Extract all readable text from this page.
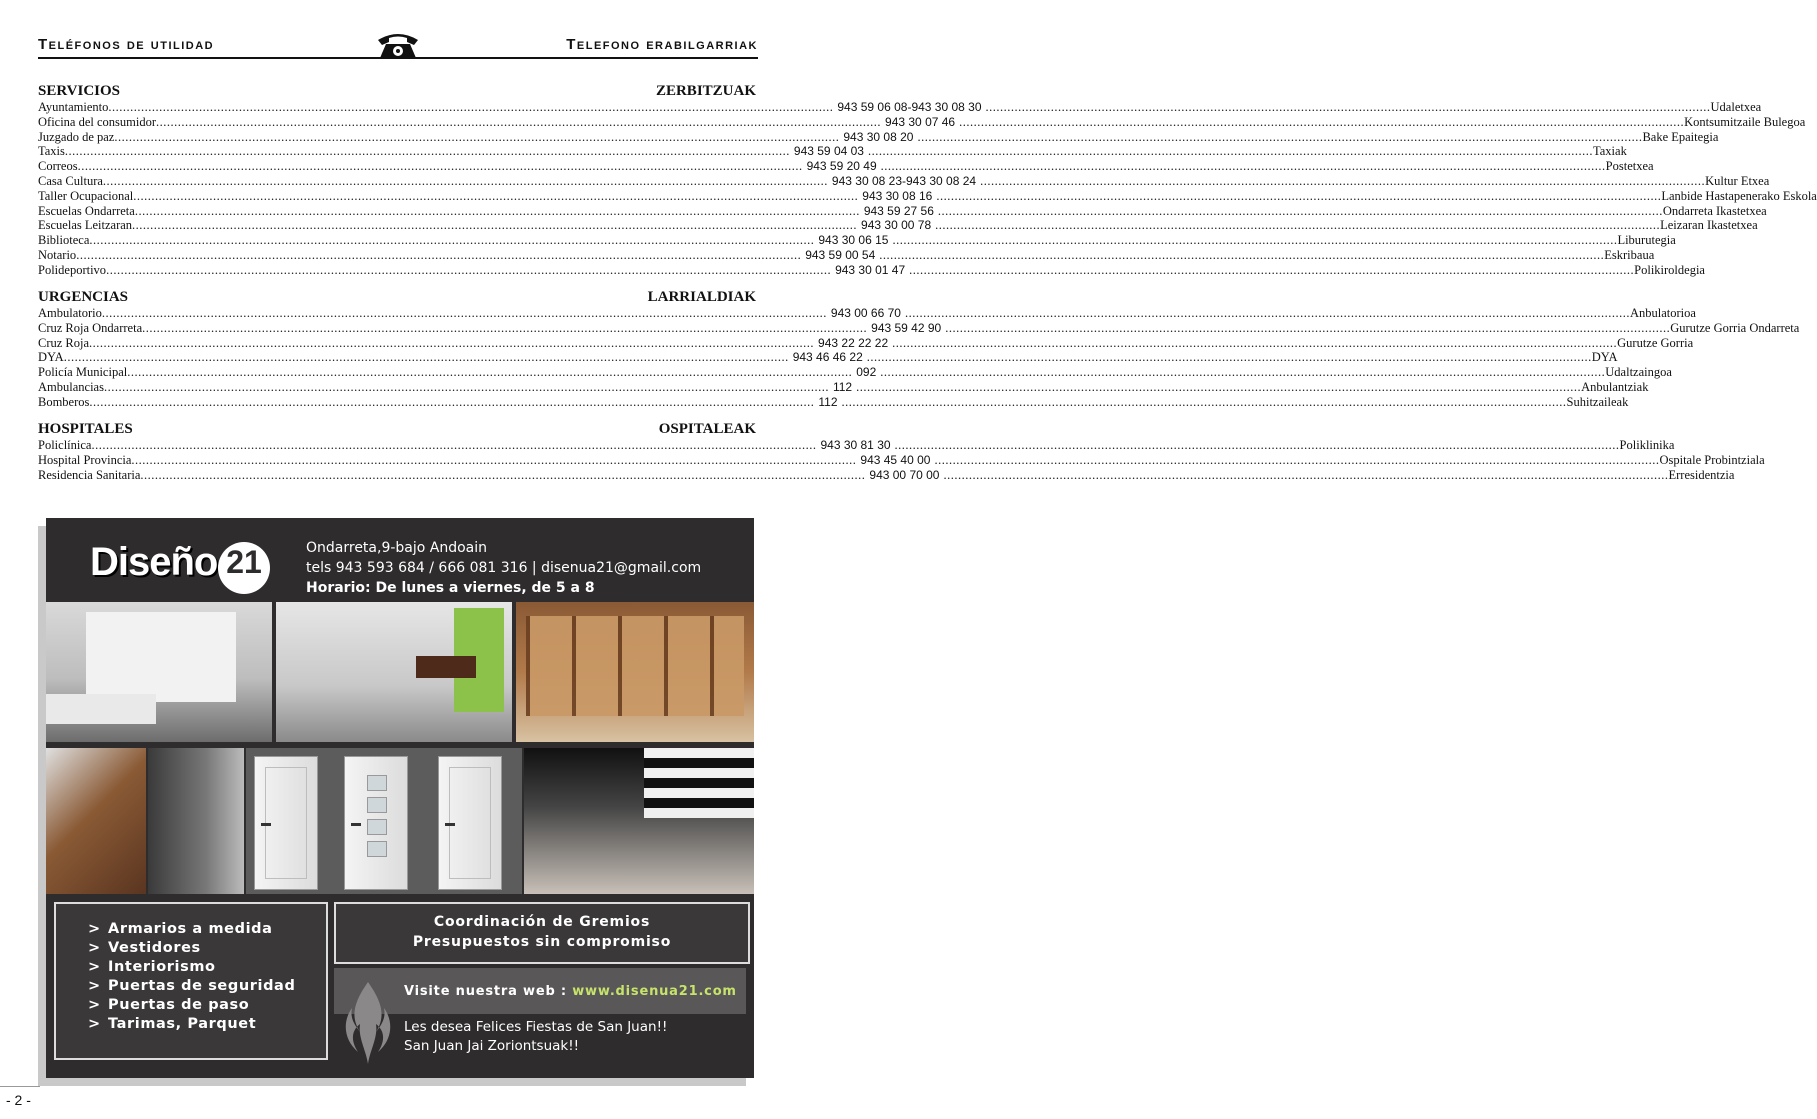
Teléfonos de utilidad	Telefono erabilgarriak
SERVICIOS	ZERBITZUAK
Ayuntamiento ........................................................................................................................................................................................................ 943 59 06 08-943 30 08 30 ........................................................................................................................................................................................................ Udaletxea
Oficina del consumidor ........................................................................................................................................................................................................ 943 30 07 46 ........................................................................................................................................................................................................ Kontsumitzaile Bulegoa
Juzgado de paz ........................................................................................................................................................................................................ 943 30 08 20 ........................................................................................................................................................................................................ Bake Epaitegia
Taxis ........................................................................................................................................................................................................ 943 59 04 03 ........................................................................................................................................................................................................ Taxiak
Correos ........................................................................................................................................................................................................ 943 59 20 49 ........................................................................................................................................................................................................ Postetxea
Casa Cultura ........................................................................................................................................................................................................ 943 30 08 23-943 30 08 24 ........................................................................................................................................................................................................ Kultur Etxea
Taller Ocupacional ........................................................................................................................................................................................................ 943 30 08 16 ........................................................................................................................................................................................................ Lanbide Hastapenerako Eskola
Escuelas Ondarreta ........................................................................................................................................................................................................ 943 59 27 56 ........................................................................................................................................................................................................ Ondarreta Ikastetxea
Escuelas Leitzaran ........................................................................................................................................................................................................ 943 30 00 78 ........................................................................................................................................................................................................ Leizaran Ikastetxea
Biblioteca ........................................................................................................................................................................................................ 943 30 06 15 ........................................................................................................................................................................................................ Liburutegia
Notario ........................................................................................................................................................................................................ 943 59 00 54 ........................................................................................................................................................................................................ Eskribaua
Polideportivo ........................................................................................................................................................................................................ 943 30 01 47 ........................................................................................................................................................................................................ Polikiroldegia
URGENCIAS	LARRIALDIAK
Ambulatorio ........................................................................................................................................................................................................ 943 00 66 70 ........................................................................................................................................................................................................ Anbulatorioa
Cruz Roja Ondarreta ........................................................................................................................................................................................................ 943 59 42 90 ........................................................................................................................................................................................................ Gurutze Gorria Ondarreta
Cruz Roja ........................................................................................................................................................................................................ 943 22 22 22 ........................................................................................................................................................................................................ Gurutze Gorria
DYA ........................................................................................................................................................................................................ 943 46 46 22 ........................................................................................................................................................................................................ DYA
Policía Municipal ........................................................................................................................................................................................................ 092 ........................................................................................................................................................................................................ Udaltzaingoa
Ambulancias ........................................................................................................................................................................................................ 112 ........................................................................................................................................................................................................ Anbulantziak
Bomberos ........................................................................................................................................................................................................ 112 ........................................................................................................................................................................................................ Suhitzaileak
HOSPITALES	OSPITALEAK
Policlínica ........................................................................................................................................................................................................ 943 30 81 30 ........................................................................................................................................................................................................ Poliklinika
Hospital Provincia ........................................................................................................................................................................................................ 943 45 40 00 ........................................................................................................................................................................................................ Ospitale Probintziala
Residencia Sanitaria ........................................................................................................................................................................................................ 943 00 70 00 ........................................................................................................................................................................................................ Erresidentzia
Diseño 21	Ondarreta,9-bajo Andoain
tels 943 593 684 / 666 081 316 | disenua21@gmail.com
Horario: De lunes a viernes, de 5 a 8
> Armarios a medida
> Vestidores
> Interiorismo
> Puertas de seguridad
> Puertas de paso
> Tarimas, Parquet
Coordinación de Gremios
Presupuestos sin compromiso
Visite nuestra web : www.disenua21.com
Les desea Felices Fiestas de San Juan!!
San Juan Jai Zoriontsuak!!
- 2 -
